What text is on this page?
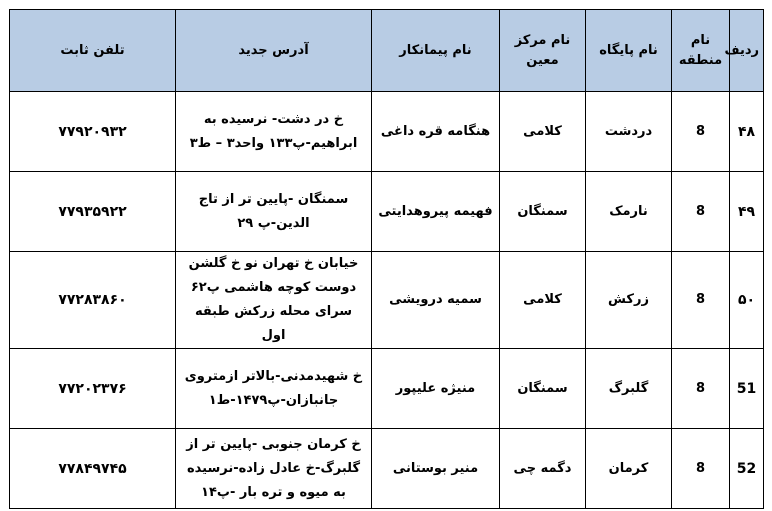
ردیف	نام منطقه	نام پایگاه	نام مرکز معین	نام پیمانکار	آدرس جدید	تلفن ثابت
۴۸	8	دردشت	کلامی	هنگامه قره داغی	خ در دشت- نرسیده به ابراهیم-پ۱۳۳ واحد۳ – ط۳	۷۷۹۲۰۹۳۲
۴۹	8	نارمک	سمنگان	فهیمه پیروهدایتی	سمنگان -پایین تر از تاج الدین-پ ۲۹	۷۷۹۳۵۹۲۲
۵۰	8	زرکش	کلامی	سمیه درویشی	خیابان خ تهران نو خ گلشن دوست کوچه هاشمی پ۶۲ سرای محله زرکش طبقه اول	۷۷۲۸۳۸۶۰
51	8	گلبرگ	سمنگان	منیژه علیپور	خ شهیدمدنی-بالاتر ازمتروی جانبازان-پ۱۴۷۹-ط۱	۷۷۲۰۲۳۷۶
52	8	کرمان	دگمه چی	منیر بوستانی	خ کرمان جنوبی -پایین تر از گلبرگ-خ عادل زاده-نرسیده به میوه و تره بار -پ۱۴	۷۷۸۴۹۷۴۵
